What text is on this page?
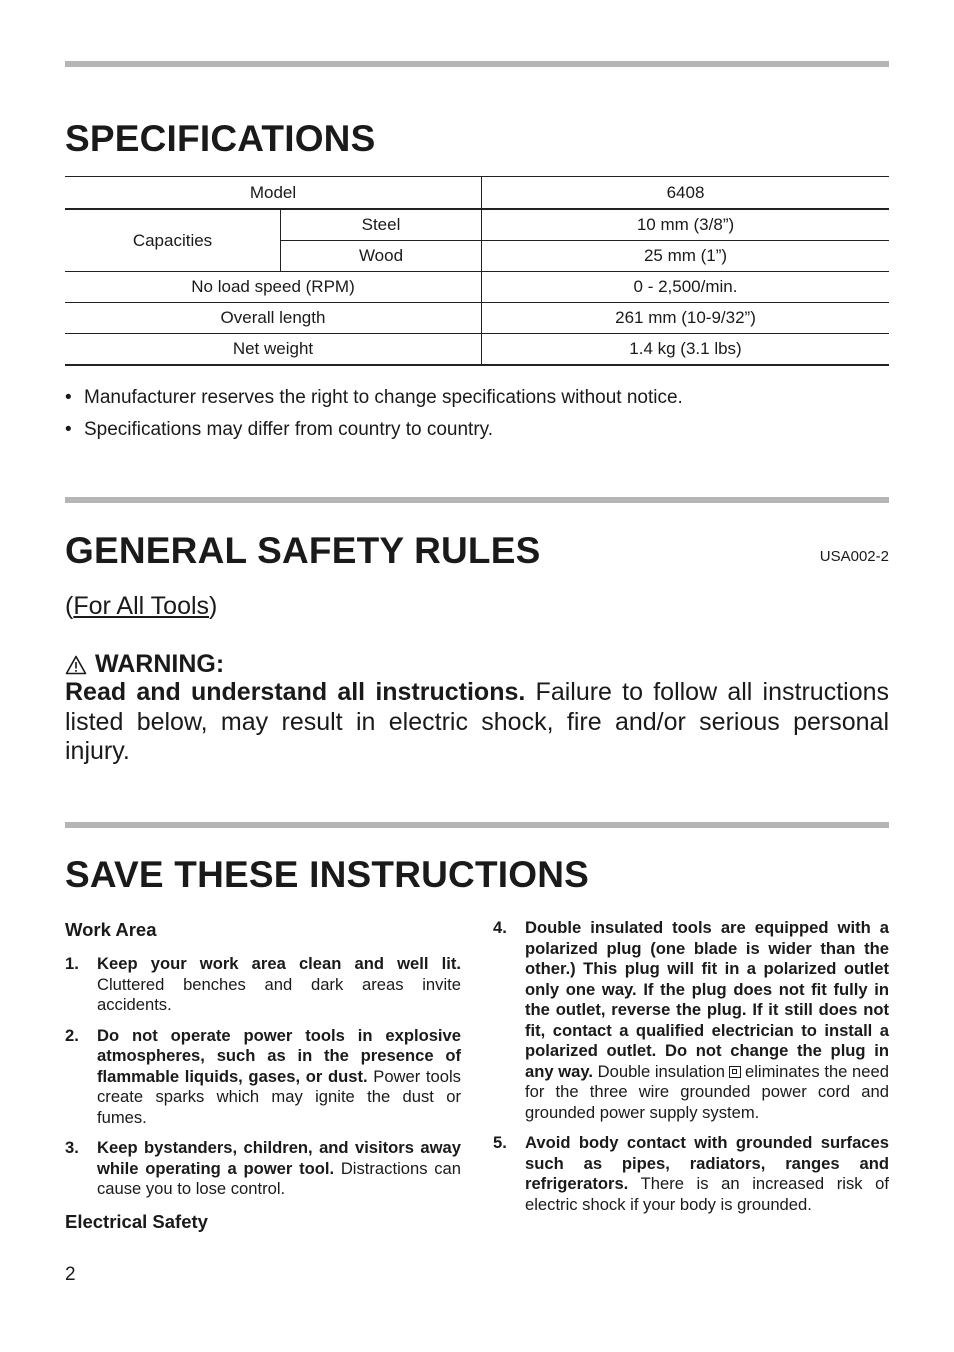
SPECIFICATIONS
Model		6408
Capacities	Steel	10 mm (3/8”)
	Wood	25 mm (1”)
No load speed (RPM)		0 - 2,500/min.
Overall length		261 mm (10-9/32”)
Net weight		1.4 kg (3.1 lbs)
• Manufacturer reserves the right to change specifications without notice.
• Specifications may differ from country to country.
GENERAL SAFETY RULES	USA002-2
(For All Tools)
WARNING:

Read and understand all instructions. Failure to follow all instructions listed below, may result in electric shock, fire and/or serious personal injury.

SAVE THESE INSTRUCTIONS
Work Area
1.	Keep your work area clean and well lit. Cluttered benches and dark areas invite accidents.
2.	Do not operate power tools in explosive atmospheres, such as in the presence of flammable liquids, gases, or dust. Power tools create sparks which may ignite the dust or fumes.
3.	Keep bystanders, children, and visitors away while operating a power tool. Distractions can cause you to lose control.
Electrical Safety
4.	Double insulated tools are equipped with a polarized plug (one blade is wider than the other.) This plug will fit in a polarized outlet only one way. If the plug does not fit fully in the outlet, reverse the plug. If it still does not fit, contact a qualified electrician to install a polarized outlet. Do not change the plug in any way. Double insulation eliminates the need for the three wire grounded power cord and grounded power supply system.
5.	Avoid body contact with grounded surfaces such as pipes, radiators, ranges and refrigerators. There is an increased risk of electric shock if your body is grounded.
2
